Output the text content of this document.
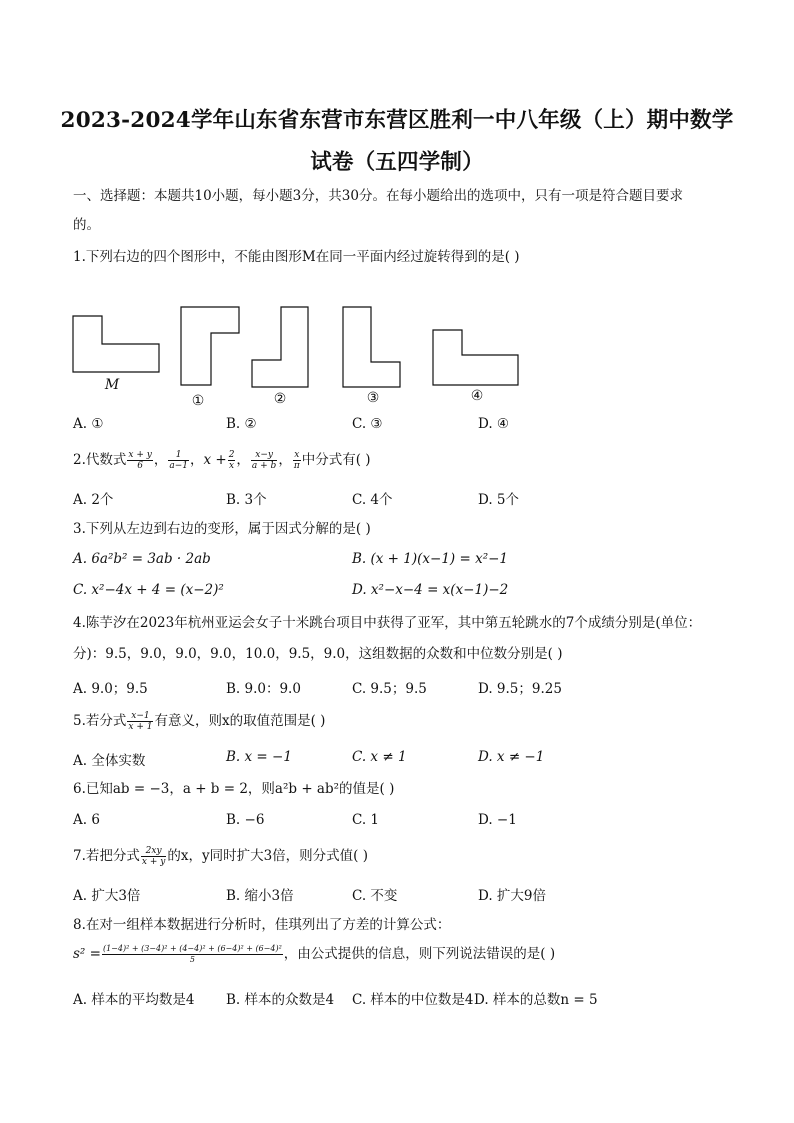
2023-2024学年山东省东营市东营区胜利一中八年级（上）期中数学
试卷（五四学制）
一、选择题：本题共10小题，每小题3分，共30分。在每小题给出的选项中，只有一项是符合题目要求
的。
1.下列右边的四个图形中，不能由图形M在同一平面内经过旋转得到的是( )
M
①	②	③	④
A. ①	B. ②	C. ③	D. ④
2.代数式 $\frac{x + y}{6}$ ， $\frac{1}{a-1}$ ，$x + \frac{2}{x}$ ， $\frac{x-y}{a + b}$ ， $\frac{x}{\pi}$ 中分式有( )
A. 2个	B. 3个	C. 4个	D. 5个
3.下列从左边到右边的变形，属于因式分解的是( )
A. 6a²b² = 3ab · 2ab	B. (x + 1)(x−1) = x²−1
C. x²−4x + 4 = (x−2)²	D. x²−x−4 = x(x−1)−2
4.陈芋汐在2023年杭州亚运会女子十米跳台项目中获得了亚军，其中第五轮跳水的7个成绩分别是(单位：
分)：9.5，9.0，9.0，9.0，10.0，9.5，9.0，这组数据的众数和中位数分别是( )
A. 9.0；9.5	B. 9.0：9.0	C. 9.5；9.5	D. 9.5；9.25
5.若分式 $\frac{x-1}{x + 1}$ 有意义，则x的取值范围是( )
A. 全体实数	B. x = −1	C. x ≠ 1	D. x ≠ −1
6.已知ab = −3，a + b = 2，则a²b + ab²的值是( )
A. 6	B. −6	C. 1	D. −1
7.若把分式 $\frac{2xy}{x + y}$ 的x，y同时扩大3倍，则分式值( )
A. 扩大3倍	B. 缩小3倍	C. 不变	D. 扩大9倍
8.在对一组样本数据进行分析时，佳琪列出了方差的计算公式：
$s^2 = \frac{\text{(1−4)² + (3−4)² + (4−4)² + (6−4)² + (6−4)²}}{5}$ ，由公式提供的信息，则下列说法错误的是( )
A. 样本的平均数是4 B. 样本的众数是4 C. 样本的中位数是4 D. 样本的总数n = 5
